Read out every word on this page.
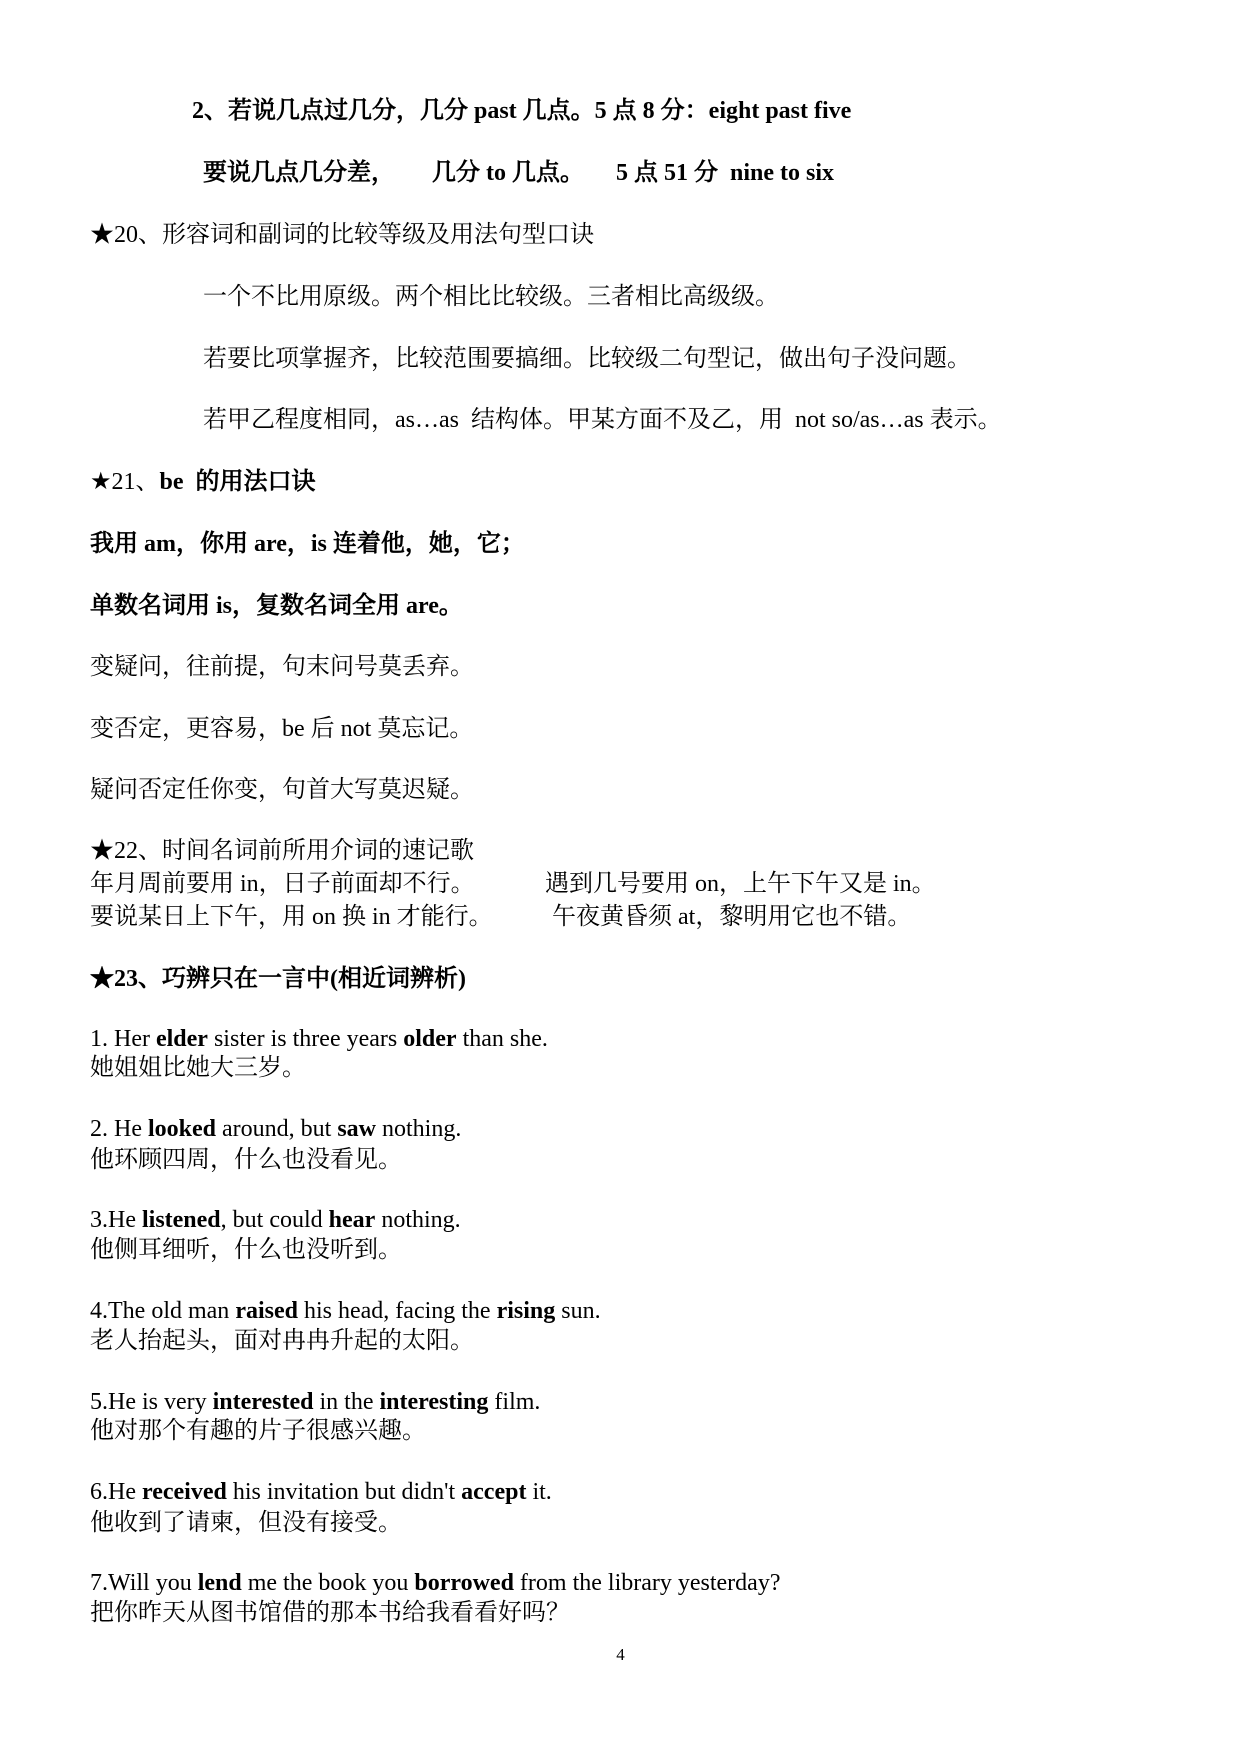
2、若说几点过几分，几分 past 几点。5 点 8 分：eight past five
要说几点几分差， 几分 to 几点。 5 点 51 分  nine to six
★20、形容词和副词的比较等级及用法句型口诀
一个不比用原级。两个相比比较级。三者相比高级级。
若要比项掌握齐，比较范围要搞细。比较级二句型记，做出句子没问题。
若甲乙程度相同，as…as  结构体。甲某方面不及乙，用  not so/as…as 表示。
★21、be  的用法口诀
我用 am，你用 are，is 连着他，她，它；
单数名词用 is，复数名词全用 are。
变疑问，往前提，句末问号莫丢弃。
变否定，更容易，be 后 not 莫忘记。
疑问否定任你变，句首大写莫迟疑。
★22、时间名词前所用介词的速记歌
年月周前要用 in，日子前面却不行。	遇到几号要用 on，上午下午又是 in。
要说某日上下午，用 on 换 in 才能行。 午夜黄昏须 at，黎明用它也不错。
★23、巧辨只在一言中(相近词辨析)
1. Her elder sister is three years older than she.
她姐姐比她大三岁。
2. He looked around, but saw nothing.
他环顾四周，什么也没看见。
3.He listened, but could hear nothing.
他侧耳细听，什么也没听到。
4.The old man raised his head, facing the rising sun.
老人抬起头，面对冉冉升起的太阳。
5.He is very interested in the interesting film.
他对那个有趣的片子很感兴趣。
6.He received his invitation but didn't accept it.
他收到了请柬，但没有接受。
7.Will you lend me the book you borrowed from the library yesterday?
把你昨天从图书馆借的那本书给我看看好吗？
4
